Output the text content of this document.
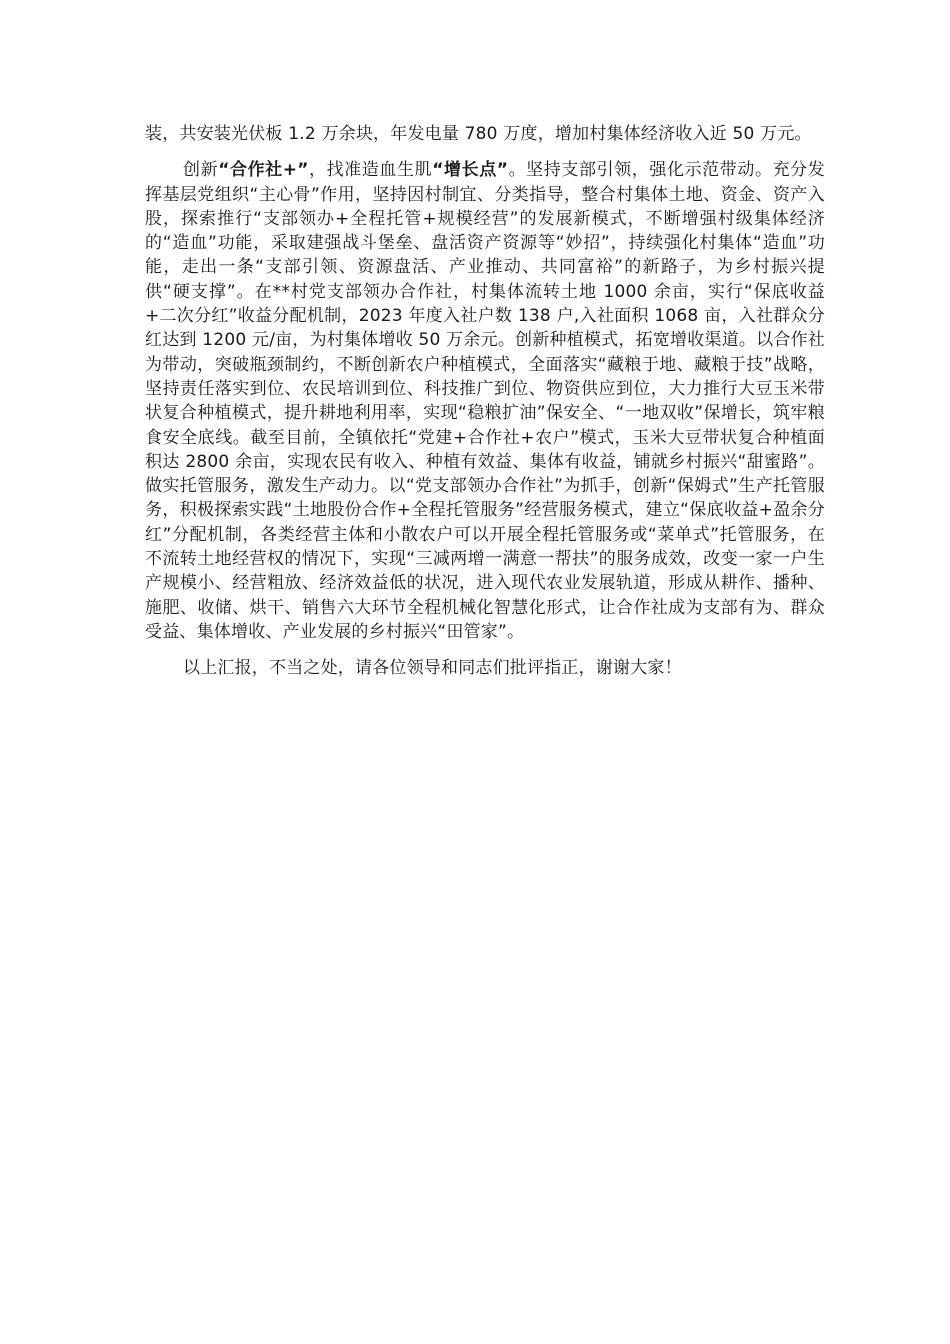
装，共安装光伏板 1.2 万余块，年发电量 780 万度，增加村集体经济收入近 50 万元。

创新“合作社+”，找准造血生肌“增长点”。坚持支部引领，强化示范带动。充分发挥基层党组织“主心骨”作用，坚持因村制宜、分类指导，整合村集体土地、资金、资产入股，探索推行“支部领办+全程托管+规模经营”的发展新模式，不断增强村级集体经济的“造血”功能，采取建强战斗堡垒、盘活资产资源等“妙招”，持续强化村集体“造血”功能，走出一条“支部引领、资源盘活、产业推动、共同富裕”的新路子，为乡村振兴提供“硬支撑”。在**村党支部领办合作社，村集体流转土地 1000 余亩，实行“保底收益+二次分红”收益分配机制，2023 年度入社户数 138 户,入社面积 1068 亩，入社群众分红达到 1200 元/亩，为村集体增收 50 万余元。创新种植模式，拓宽增收渠道。以合作社为带动，突破瓶颈制约，不断创新农户种植模式，全面落实“藏粮于地、藏粮于技”战略，坚持责任落实到位、农民培训到位、科技推广到位、物资供应到位，大力推行大豆玉米带状复合种植模式，提升耕地利用率，实现“稳粮扩油”保安全、“一地双收”保增长，筑牢粮食安全底线。截至目前，全镇依托“党建+合作社+农户”模式，玉米大豆带状复合种植面积达 2800 余亩，实现农民有收入、种植有效益、集体有收益，铺就乡村振兴“甜蜜路”。做实托管服务，激发生产动力。以“党支部领办合作社”为抓手，创新“保姆式”生产托管服务，积极探索实践“土地股份合作+全程托管服务”经营服务模式，建立“保底收益+盈余分红”分配机制，各类经营主体和小散农户可以开展全程托管服务或“菜单式”托管服务，在不流转土地经营权的情况下，实现“三减两增一满意一帮扶”的服务成效，改变一家一户生产规模小、经营粗放、经济效益低的状况，进入现代农业发展轨道，形成从耕作、播种、施肥、收储、烘干、销售六大环节全程机械化智慧化形式，让合作社成为支部有为、群众受益、集体增收、产业发展的乡村振兴“田管家”。

以上汇报，不当之处，请各位领导和同志们批评指正，谢谢大家！
